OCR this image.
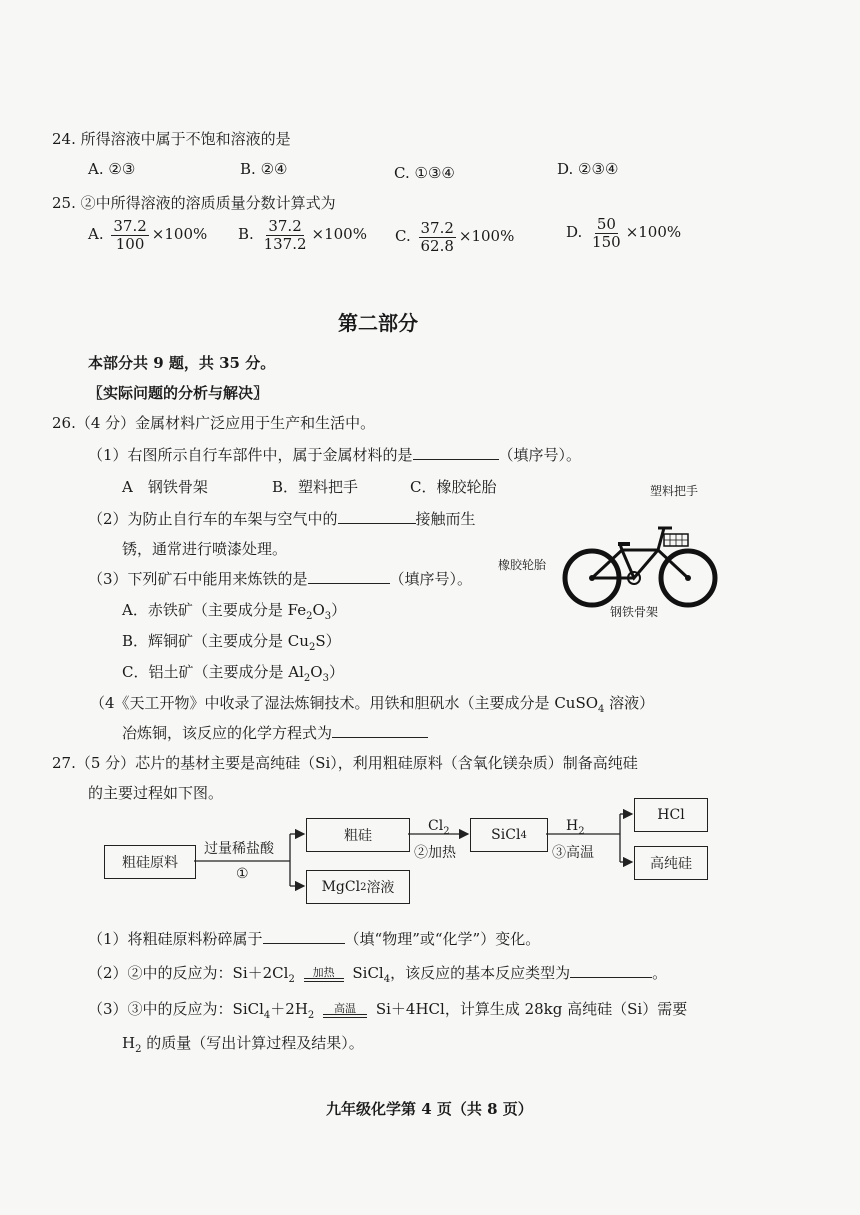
24. 所得溶液中属于不饱和溶液的是
A. ②③	B. ②④	C. ①③④	D. ②③④
25. ②中所得溶液的溶质质量分数计算式为
A. $\frac{37.2}{100} \times 100\%$ B. $\frac{37.2}{137.2} \times 100\%$ C. $\frac{37.2}{62.8} \times 100\%$	D. $\frac{50}{150} \times 100\%$
第二部分
本部分共 9 题，共 35 分。
〖实际问题的分析与解决〗
26.（4 分）金属材料广泛应用于生产和生活中。
（1）右图所示自行车部件中，属于金属材料的是	（填序号）。
A　钢铁骨架	B．塑料把手	C．橡胶轮胎
（2）为防止自行车的车架与空气中的	接触而生
锈，通常进行喷漆处理。
（3）下列矿石中能用来炼铁的是	（填序号）。
A．赤铁矿（主要成分是 $Fe_2O_3$）
B．辉铜矿（主要成分是 $Cu_2S$）
C．铝土矿（主要成分是 $Al_2O_3$）
（4《天工开物》中收录了湿法炼铜技术。用铁和胆矾水（主要成分是 CuSO$_4$ 溶液）
冶炼铜，该反应的化学方程式为
塑料把手
橡胶轮胎
钢铁骨架
27.（5 分）芯片的基材主要是高纯硅（Si），利用粗硅原料（含氧化镁杂质）制备高纯硅
的主要过程如下图。
粗硅原料
过量稀盐酸
①
粗硅
MgCl 2 溶液
$Cl_2$
②加热
SiCl 4
$H_2$
③高温
HCl
高纯硅
（1）将粗硅原料粉碎属于	（填“物理”或“化学”）变化。
（2）②中的反应为：$Si+2Cl_2$
加热 SiCl$_4$，该反应的基本反应类型为	。
（3）③中的反应为：$SiCl_4+2H_2$
高温 Si＋4HCl，计算生成 28kg 高纯硅（Si）需要
$H_2$ 的质量（写出计算过程及结果）。
九年级化学第 4 页（共 8 页）
